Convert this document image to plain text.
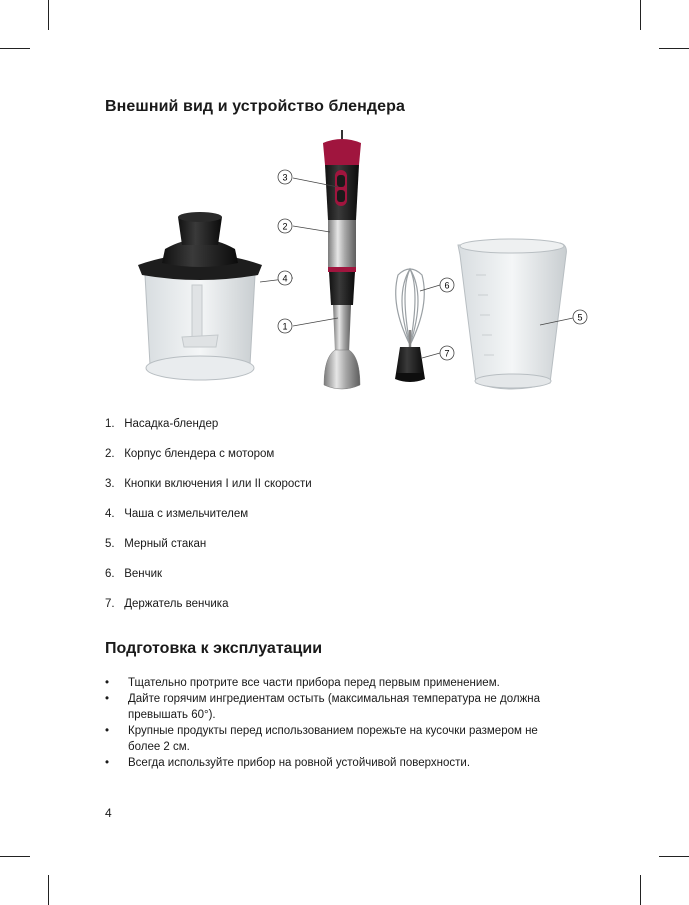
Внешний вид и устройство блендера
3
2
4
1
6
7
5
1. Насадка-блендер
2. Корпус блендера с мотором
3. Кнопки включения I или II скорости
4. Чаша с измельчителем
5. Мерный стакан
6. Венчик
7. Держатель венчика
Подготовка к эксплуатации
• Тщательно протрите все части прибора перед первым применением.
• Дайте горячим ингредиентам остыть (максимальная температура не должна превышать 60°).
• Крупные продукты перед использованием порежьте на кусочки размером не более 2 см.
• Всегда используйте прибор на ровной устойчивой поверхности.
4
